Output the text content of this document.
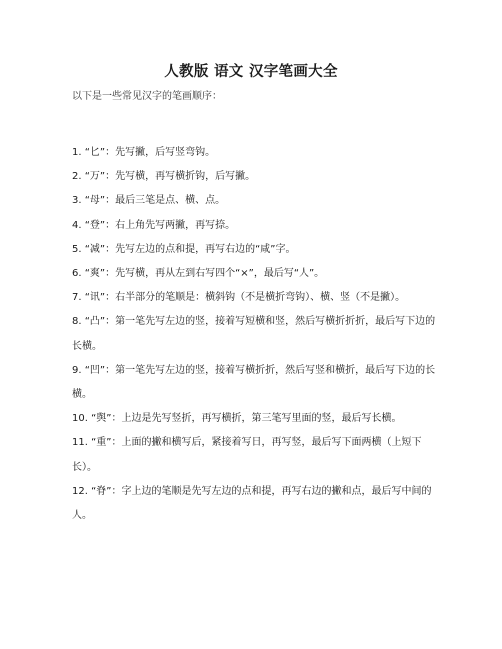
人教版 语文 汉字笔画大全
以下是一些常见汉字的笔画顺序：
1. “匕”：先写撇，后写竖弯钩。
2. “万”：先写横，再写横折钩，后写撇。
3. “母”：最后三笔是点、横、点。
4. “登”：右上角先写两撇，再写捺。
5. “减”：先写左边的点和提，再写右边的“咸”字。
6. “爽”：先写横，再从左到右写四个“×”，最后写“人”。
7. “讯”：右半部分的笔顺是：横斜钩（不是横折弯钩）、横、竖（不是撇）。
8. “凸”：第一笔先写左边的竖，接着写短横和竖，然后写横折折折，最后写下边的长横。
9. “凹”：第一笔先写左边的竖，接着写横折折，然后写竖和横折，最后写下边的长横。
10. “舆”：上边是先写竖折，再写横折，第三笔写里面的竖，最后写长横。
11. “重”：上面的撇和横写后，紧接着写日，再写竖，最后写下面两横（上短下长）。
12. “脊”：字上边的笔顺是先写左边的点和提，再写右边的撇和点，最后写中间的人。
